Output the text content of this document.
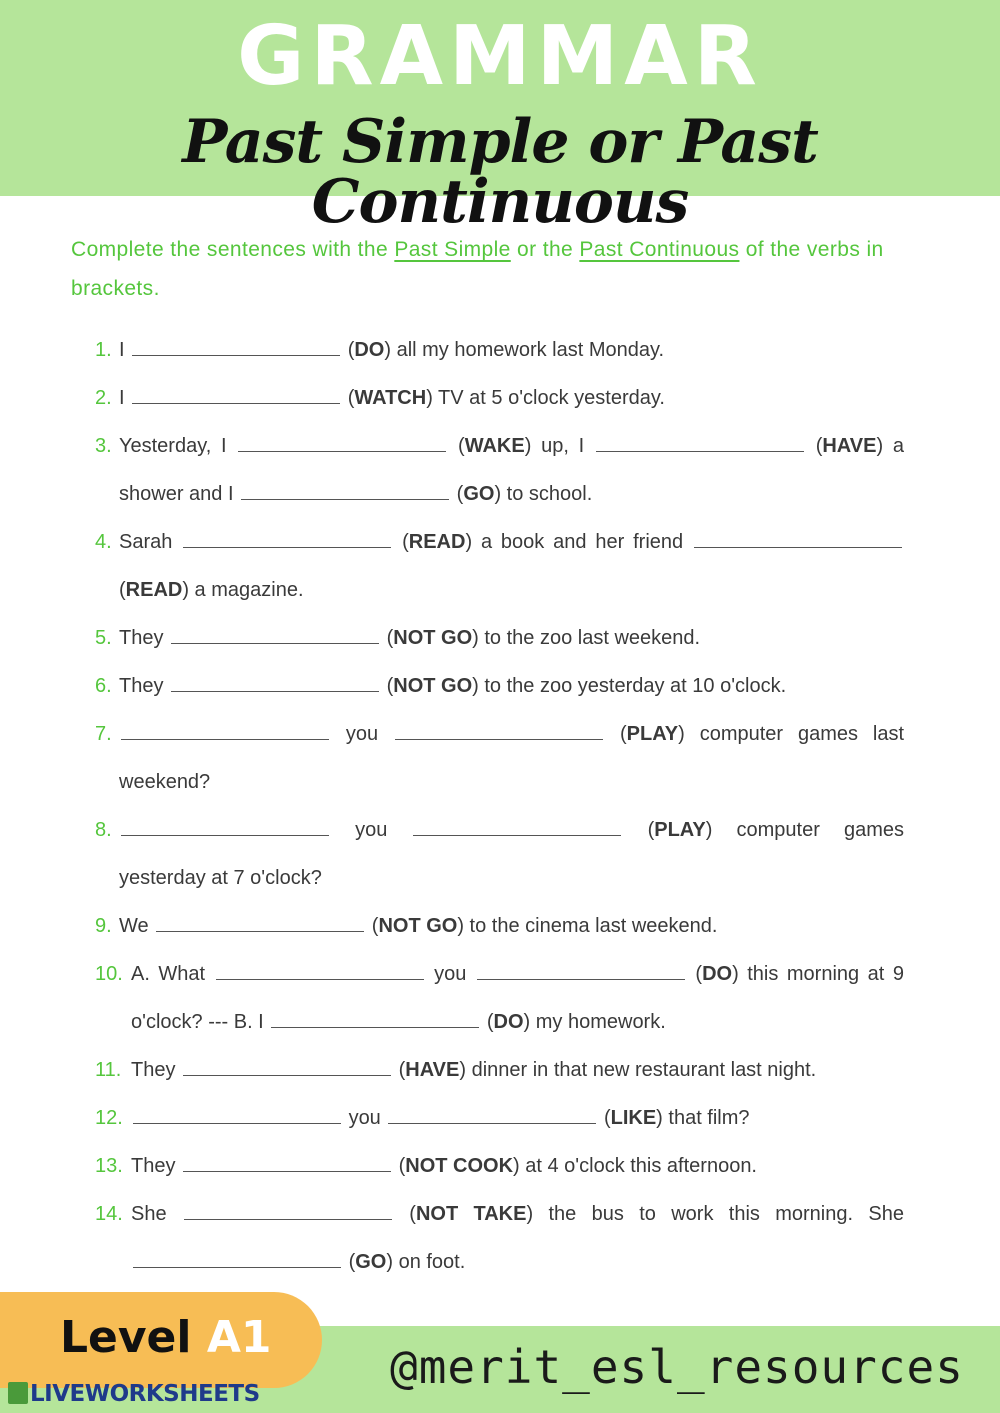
GRAMMAR
Past Simple or Past Continuous
Complete the sentences with the Past Simple or the Past Continuous of the verbs in brackets.
1. I	(DO) all my homework last Monday.
2. I	(WATCH) TV at 5 o'clock yesterday.
3. Yesterday, I	(WAKE) up, I	(HAVE) a
shower and I	(GO) to school.
4. Sarah	(READ) a book and her friend
(READ) a magazine.
5. They	(NOT GO) to the zoo last weekend.
6. They	(NOT GO) to the zoo yesterday at 10 o'clock.
7.	you	(PLAY) computer games last
weekend?
8.	you	(PLAY) computer games
yesterday at 7 o'clock?
9. We	(NOT GO) to the cinema last weekend.
10. A. What	you	(DO) this morning at 9
o'clock? --- B. I	(DO) my homework.
11. They	(HAVE) dinner in that new restaurant last night.
12.	you	(LIKE) that film?
13. They	(NOT COOK) at 4 o'clock this afternoon.
14. She	(NOT TAKE) the bus to work this morning. She
(GO) on foot.
Level A1
LIVEWORKSHEETS	@merit_esl_resources
